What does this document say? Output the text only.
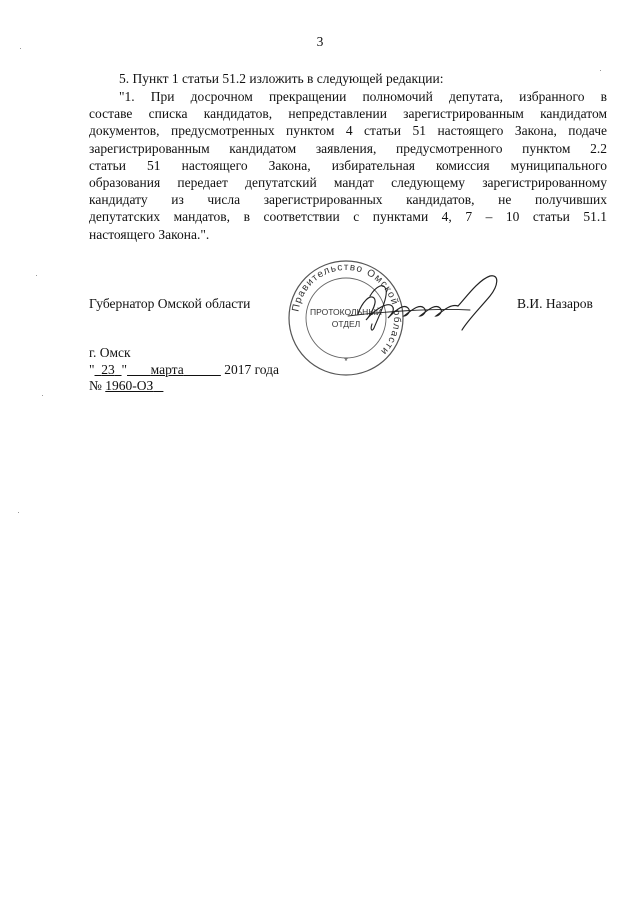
3

5. Пункт 1 статьи 51.2 изложить в следующей редакции:

"1. При досрочном прекращении полномочий депутата, избранного в
составе списка кандидатов, непредставлении зарегистрированным кандидатом
документов, предусмотренных пунктом 4 статьи 51 настоящего Закона, подаче
зарегистрированным кандидатом заявления, предусмотренного пунктом 2.2
статьи 51 настоящего Закона, избирательная комиссия муниципального
образования передает депутатский мандат следующему зарегистрированному
кандидату из числа зарегистрированных кандидатов, не получивших
депутатских мандатов, в соответствии с пунктами 4, 7 – 10 статьи 51.1
настоящего Закона.".
Правительство Омской области
ПРОТОКОЛЬНЫЙ
ОТДЕЛ
*
Губернатор Омской области	В.И. Назаров
г. Омск
" 23 " марта	2017 года
№ 1960-ОЗ
